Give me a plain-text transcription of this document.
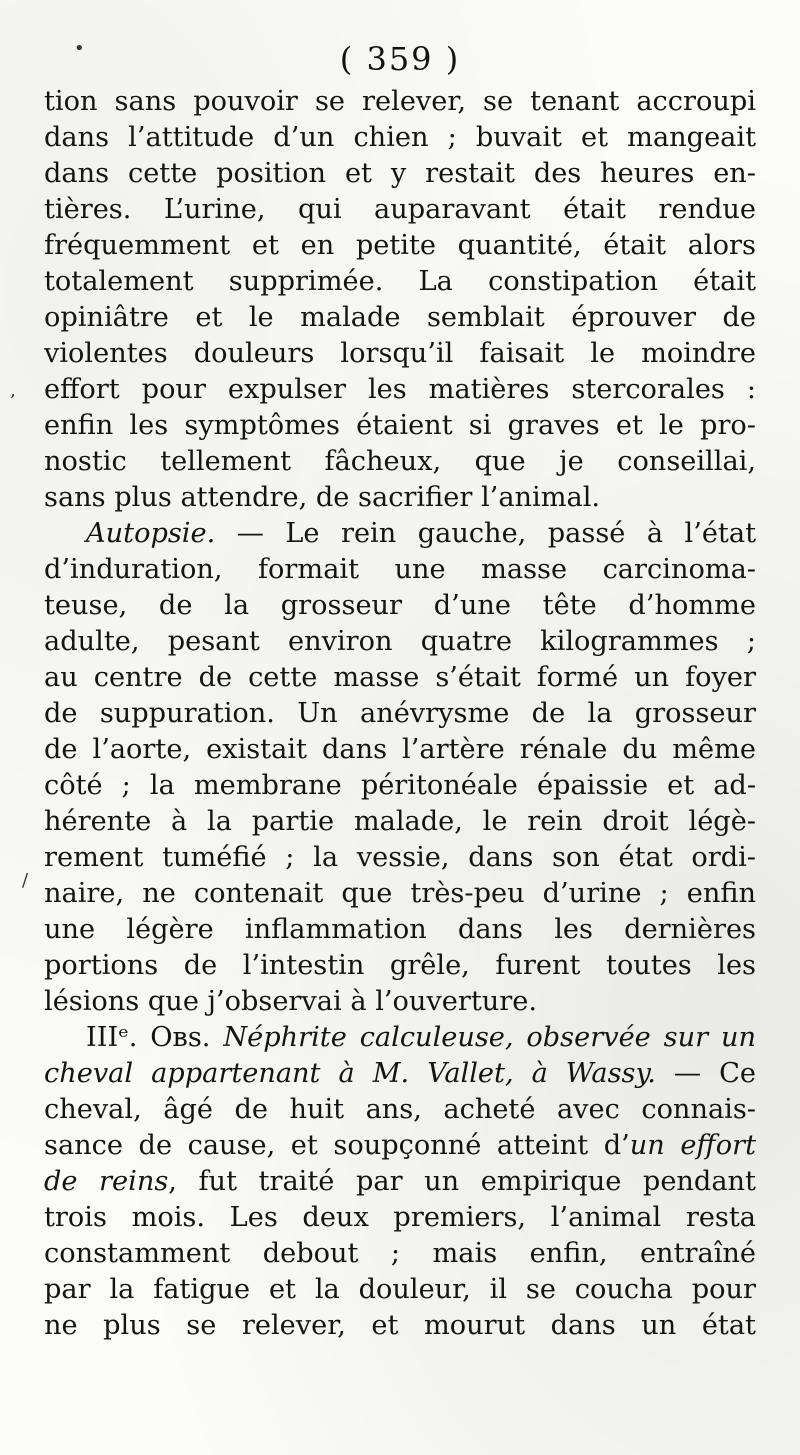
•
‚
/
( 359 )
tion sans pouvoir se relever, se tenant accroupi
dans l’attitude d’un chien ; buvait et mangeait
dans cette position et y restait des heures en-
tières. L’urine, qui auparavant était rendue
fréquemment et en petite quantité, était alors
totalement supprimée. La constipation était
opiniâtre et le malade semblait éprouver de
violentes douleurs lorsqu’il faisait le moindre
effort pour expulser les matières stercorales :
enfin les symptômes étaient si graves et le pro-
nostic tellement fâcheux, que je conseillai,
sans plus attendre, de sacrifier l’animal.
Autopsie. — Le rein gauche, passé à l’état
d’induration, formait une masse carcinoma-
teuse, de la grosseur d’une tête d’homme
adulte, pesant environ quatre kilogrammes ;
au centre de cette masse s’était formé un foyer
de suppuration. Un anévrysme de la grosseur
de l’aorte, existait dans l’artère rénale du même
côté ; la membrane péritonéale épaissie et ad-
hérente à la partie malade, le rein droit légè-
rement tuméfié ; la vessie, dans son état ordi-
naire, ne contenait que très-peu d’urine ; enfin
une légère inflammation dans les dernières
portions de l’intestin grêle, furent toutes les
lésions que j’observai à l’ouverture.
IIIᵉ. Oʙѕ. Néphrite calculeuse, observée sur un
cheval appartenant à M. Vallet, à Wassy. — Ce
cheval, âgé de huit ans, acheté avec connais-
sance de cause, et soupçonné atteint d’un effort
de reins, fut traité par un empirique pendant
trois mois. Les deux premiers, l’animal resta
constamment debout ; mais enfin, entraîné
par la fatigue et la douleur, il se coucha pour
ne plus se relever, et mourut dans un état
